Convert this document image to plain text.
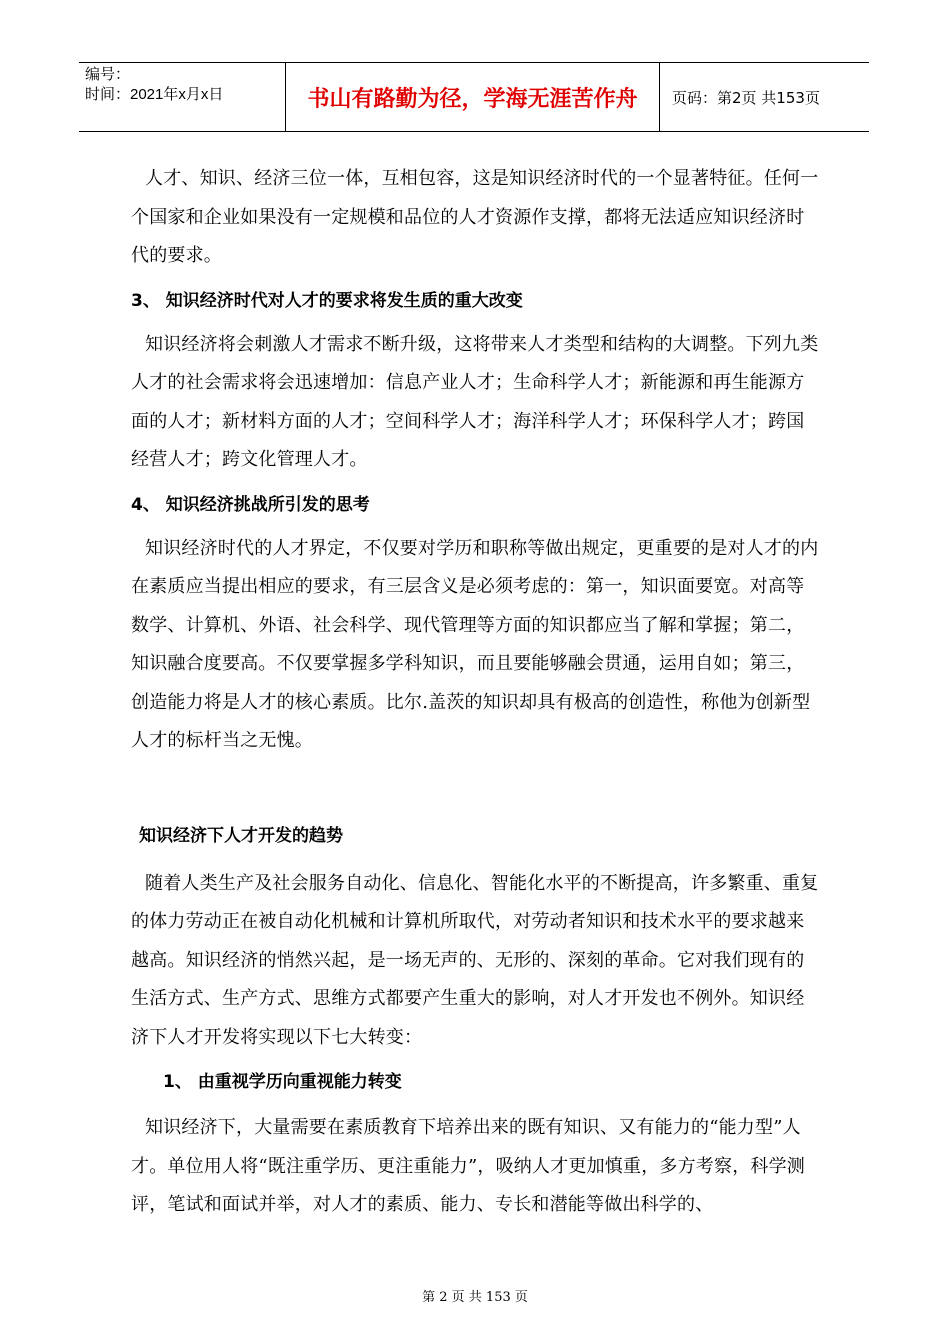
编号：
时间：2021年x月x日	书山有路勤为径，学海无涯苦作舟	页码：第2页 共153页

人才、知识、经济三位一体，互相包容，这是知识经济时代的一个显著特征。任何一个国家和企业如果没有一定规模和品位的人才资源作支撑，都将无法适应知识经济时代的要求。

3、 知识经济时代对人才的要求将发生质的重大改变

知识经济将会刺激人才需求不断升级，这将带来人才类型和结构的大调整。下列九类人才的社会需求将会迅速增加：信息产业人才；生命科学人才；新能源和再生能源方面的人才；新材料方面的人才；空间科学人才；海洋科学人才；环保科学人才；跨国经营人才；跨文化管理人才。

4、 知识经济挑战所引发的思考

知识经济时代的人才界定，不仅要对学历和职称等做出规定，更重要的是对人才的内在素质应当提出相应的要求，有三层含义是必须考虑的：第一，知识面要宽。对高等数学、计算机、外语、社会科学、现代管理等方面的知识都应当了解和掌握；第二，知识融合度要高。不仅要掌握多学科知识，而且要能够融会贯通，运用自如；第三，创造能力将是人才的核心素质。比尔.盖茨的知识却具有极高的创造性，称他为创新型人才的标杆当之无愧。

知识经济下人才开发的趋势

随着人类生产及社会服务自动化、信息化、智能化水平的不断提高，许多繁重、重复的体力劳动正在被自动化机械和计算机所取代，对劳动者知识和技术水平的要求越来越高。知识经济的悄然兴起，是一场无声的、无形的、深刻的革命。它对我们现有的生活方式、生产方式、思维方式都要产生重大的影响，对人才开发也不例外。知识经济下人才开发将实现以下七大转变：

1、 由重视学历向重视能力转变

知识经济下，大量需要在素质教育下培养出来的既有知识、又有能力的“能力型”人才。单位用人将“既注重学历、更注重能力”，吸纳人才更加慎重，多方考察，科学测评，笔试和面试并举，对人才的素质、能力、专长和潜能等做出科学的、

第 2 页 共 153 页
